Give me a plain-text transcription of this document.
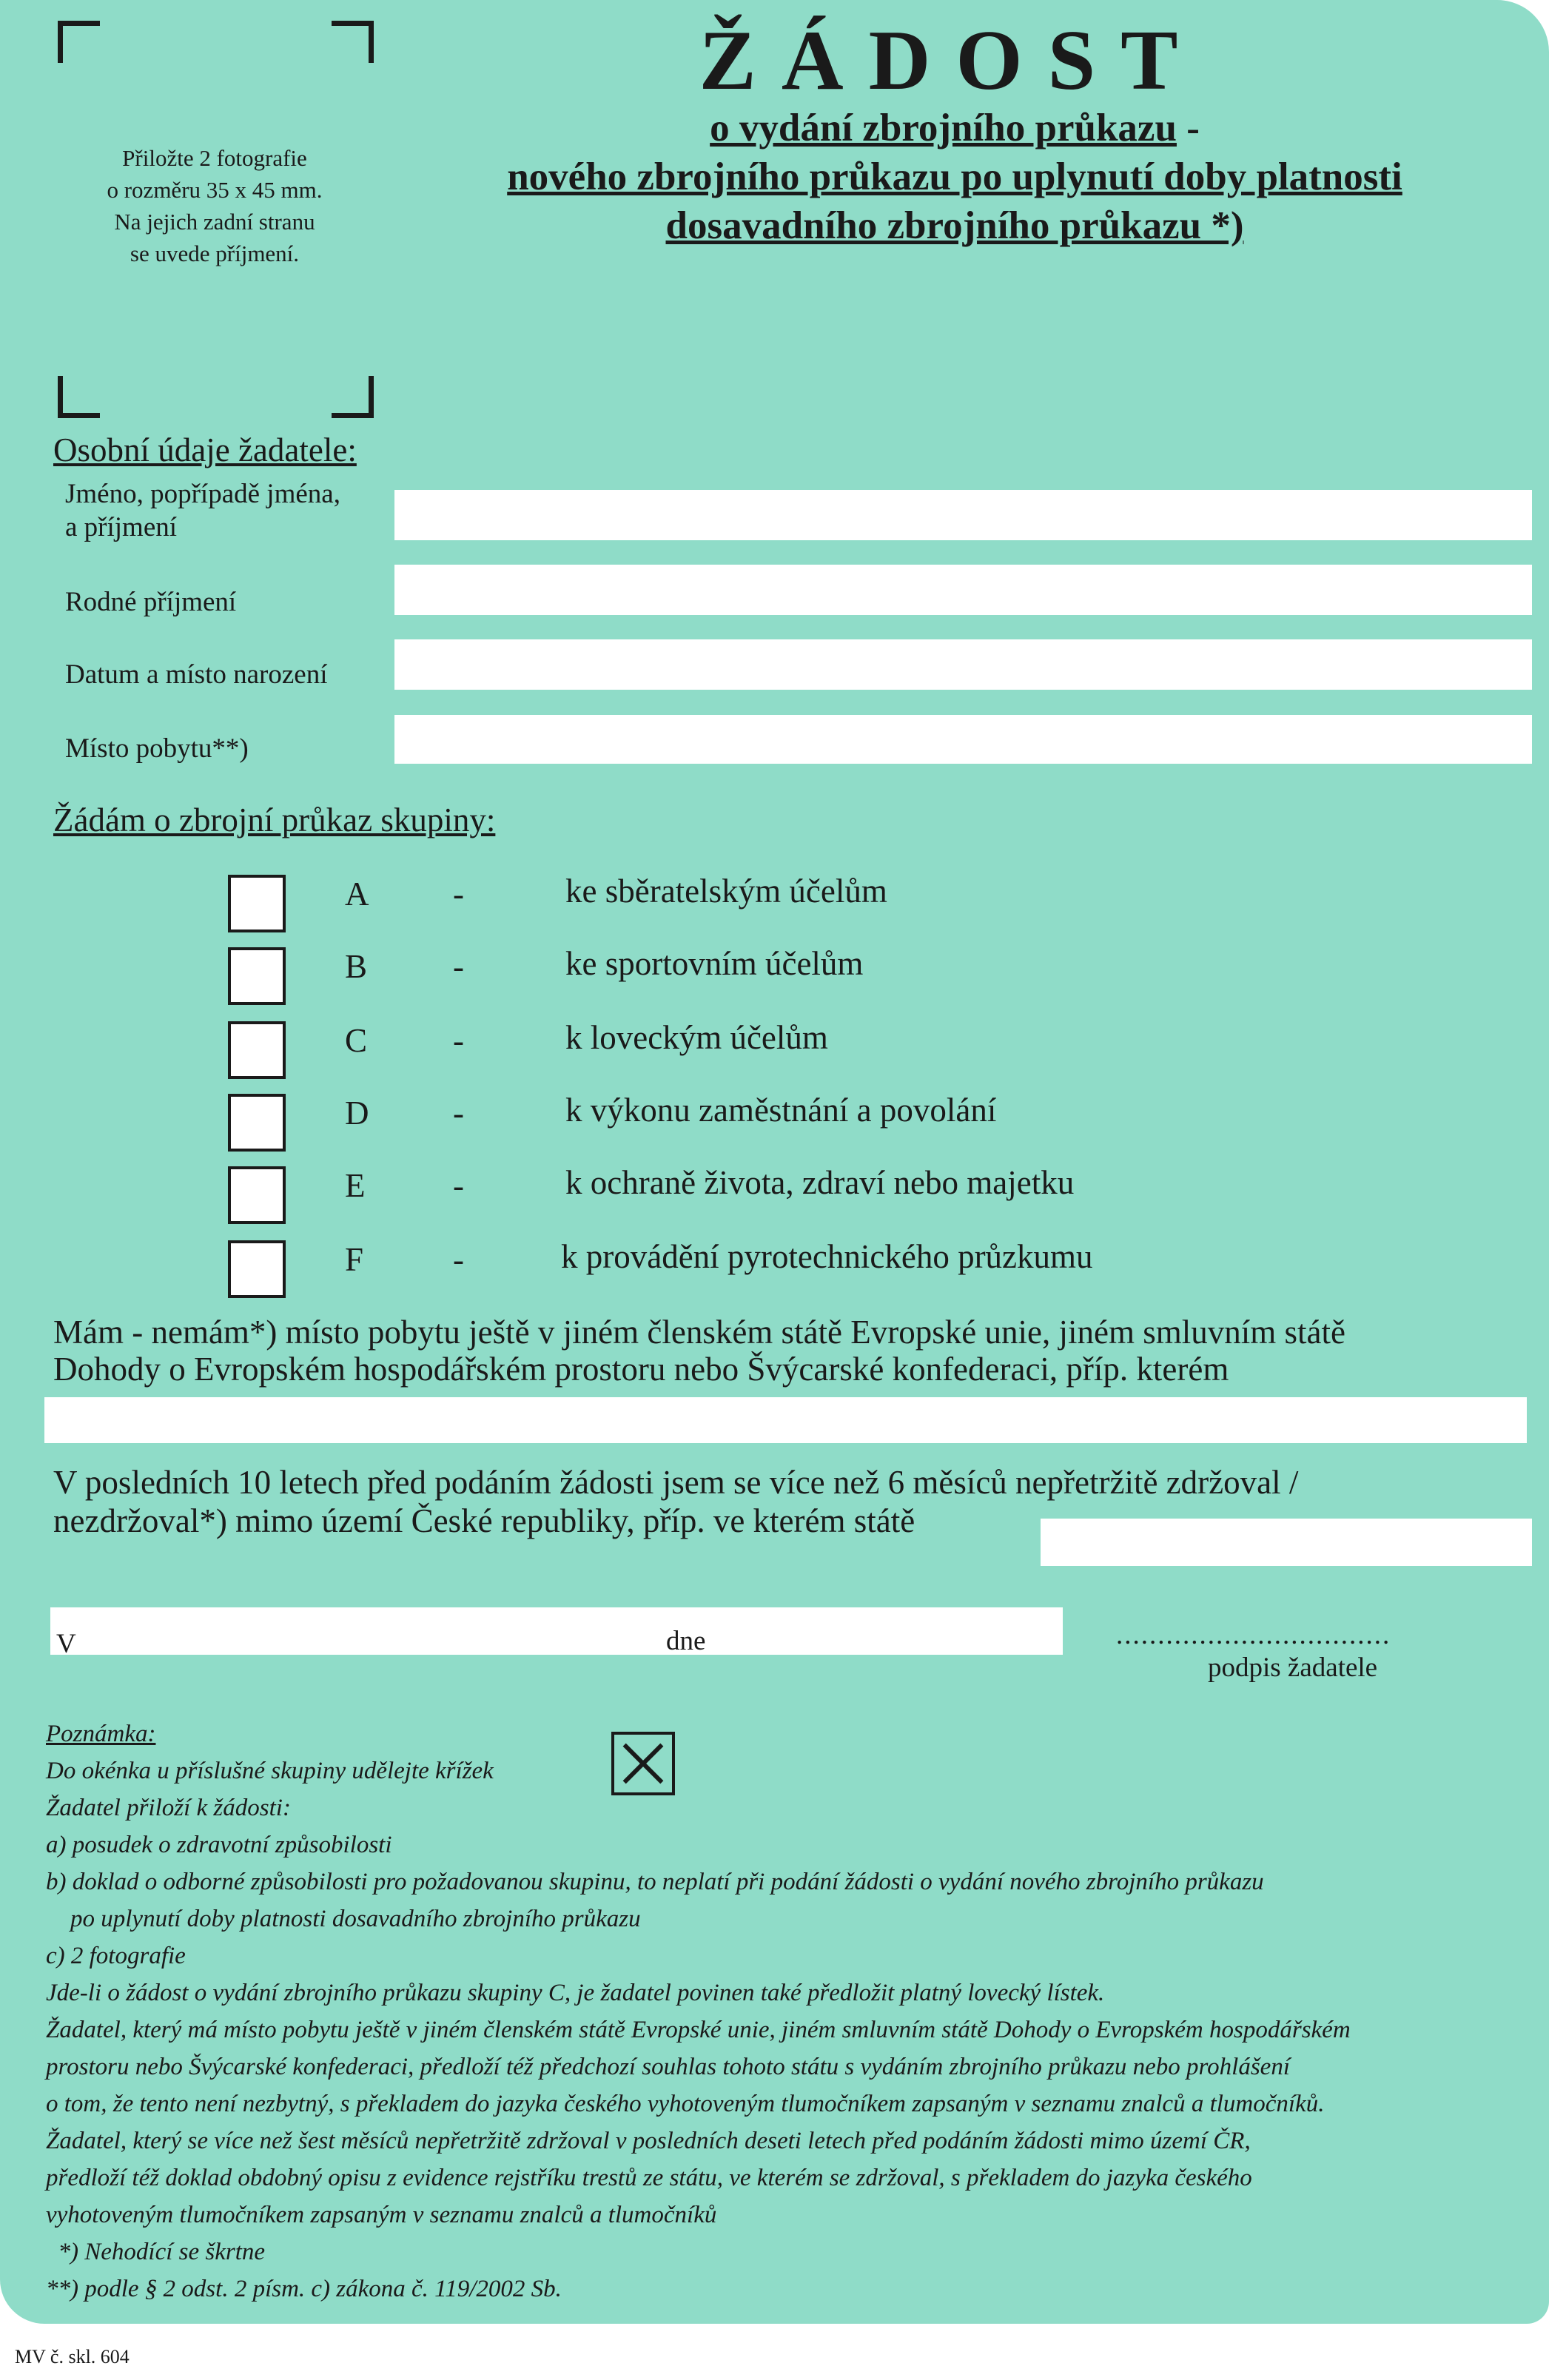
Přiložte 2 fotografie
o rozměru 35 x 45 mm.
Na jejich zadní stranu
se uvede příjmení.
ŽÁDOST
o vydání zbrojního průkazu -
nového zbrojního průkazu po uplynutí doby platnosti
dosavadního zbrojního průkazu *)
Osobní údaje žadatele:
Jméno, popřípadě jména,
a příjmení
Rodné příjmení
Datum a místo narození
Místo pobytu**)
Žádám o zbrojní průkaz skupiny:
A	-	ke sběratelským účelům
B	-	ke sportovním účelům
C	-	k loveckým účelům
D	-	k výkonu zaměstnání a povolání
E	-	k ochraně života, zdraví nebo majetku
F	-	k provádění pyrotechnického průzkumu
Mám - nemám*) místo pobytu ještě v jiném členském státě Evropské unie, jiném smluvním státě
Dohody o Evropském hospodářském prostoru nebo Švýcarské konfederaci, příp. kterém
V posledních 10 letech před podáním žádosti jsem se více než 6 měsíců nepřetržitě zdržoval /
nezdržoval*) mimo území České republiky, příp. ve kterém státě
V	dne	.................................
podpis žadatele
Poznámka:
Do okénka u příslušné skupiny udělejte křížek
Žadatel přiloží k žádosti:
a) posudek o zdravotní způsobilosti
b) doklad o odborné způsobilosti pro požadovanou skupinu, to neplatí při podání žádosti o vydání nového zbrojního průkazu
po uplynutí doby platnosti dosavadního zbrojního průkazu
c) 2 fotografie
Jde-li o žádost o vydání zbrojního průkazu skupiny C, je žadatel povinen také předložit platný lovecký lístek.
Žadatel, který má místo pobytu ještě v jiném členském státě Evropské unie, jiném smluvním státě Dohody o Evropském hospodářském
prostoru nebo Švýcarské konfederaci, předloží též předchozí souhlas tohoto státu s vydáním zbrojního průkazu nebo prohlášení
o tom, že tento není nezbytný, s překladem do jazyka českého vyhotoveným tlumočníkem zapsaným v seznamu znalců a tlumočníků.
Žadatel, který se více než šest měsíců nepřetržitě zdržoval v posledních deseti letech před podáním žádosti mimo území ČR,
předloží též doklad obdobný opisu z evidence rejstříku trestů ze státu, ve kterém se zdržoval, s překladem do jazyka českého
vyhotoveným tlumočníkem zapsaným v seznamu znalců a tlumočníků
*) Nehodící se škrtne
**) podle § 2 odst. 2 písm. c) zákona č. 119/2002 Sb.
MV č. skl. 604
